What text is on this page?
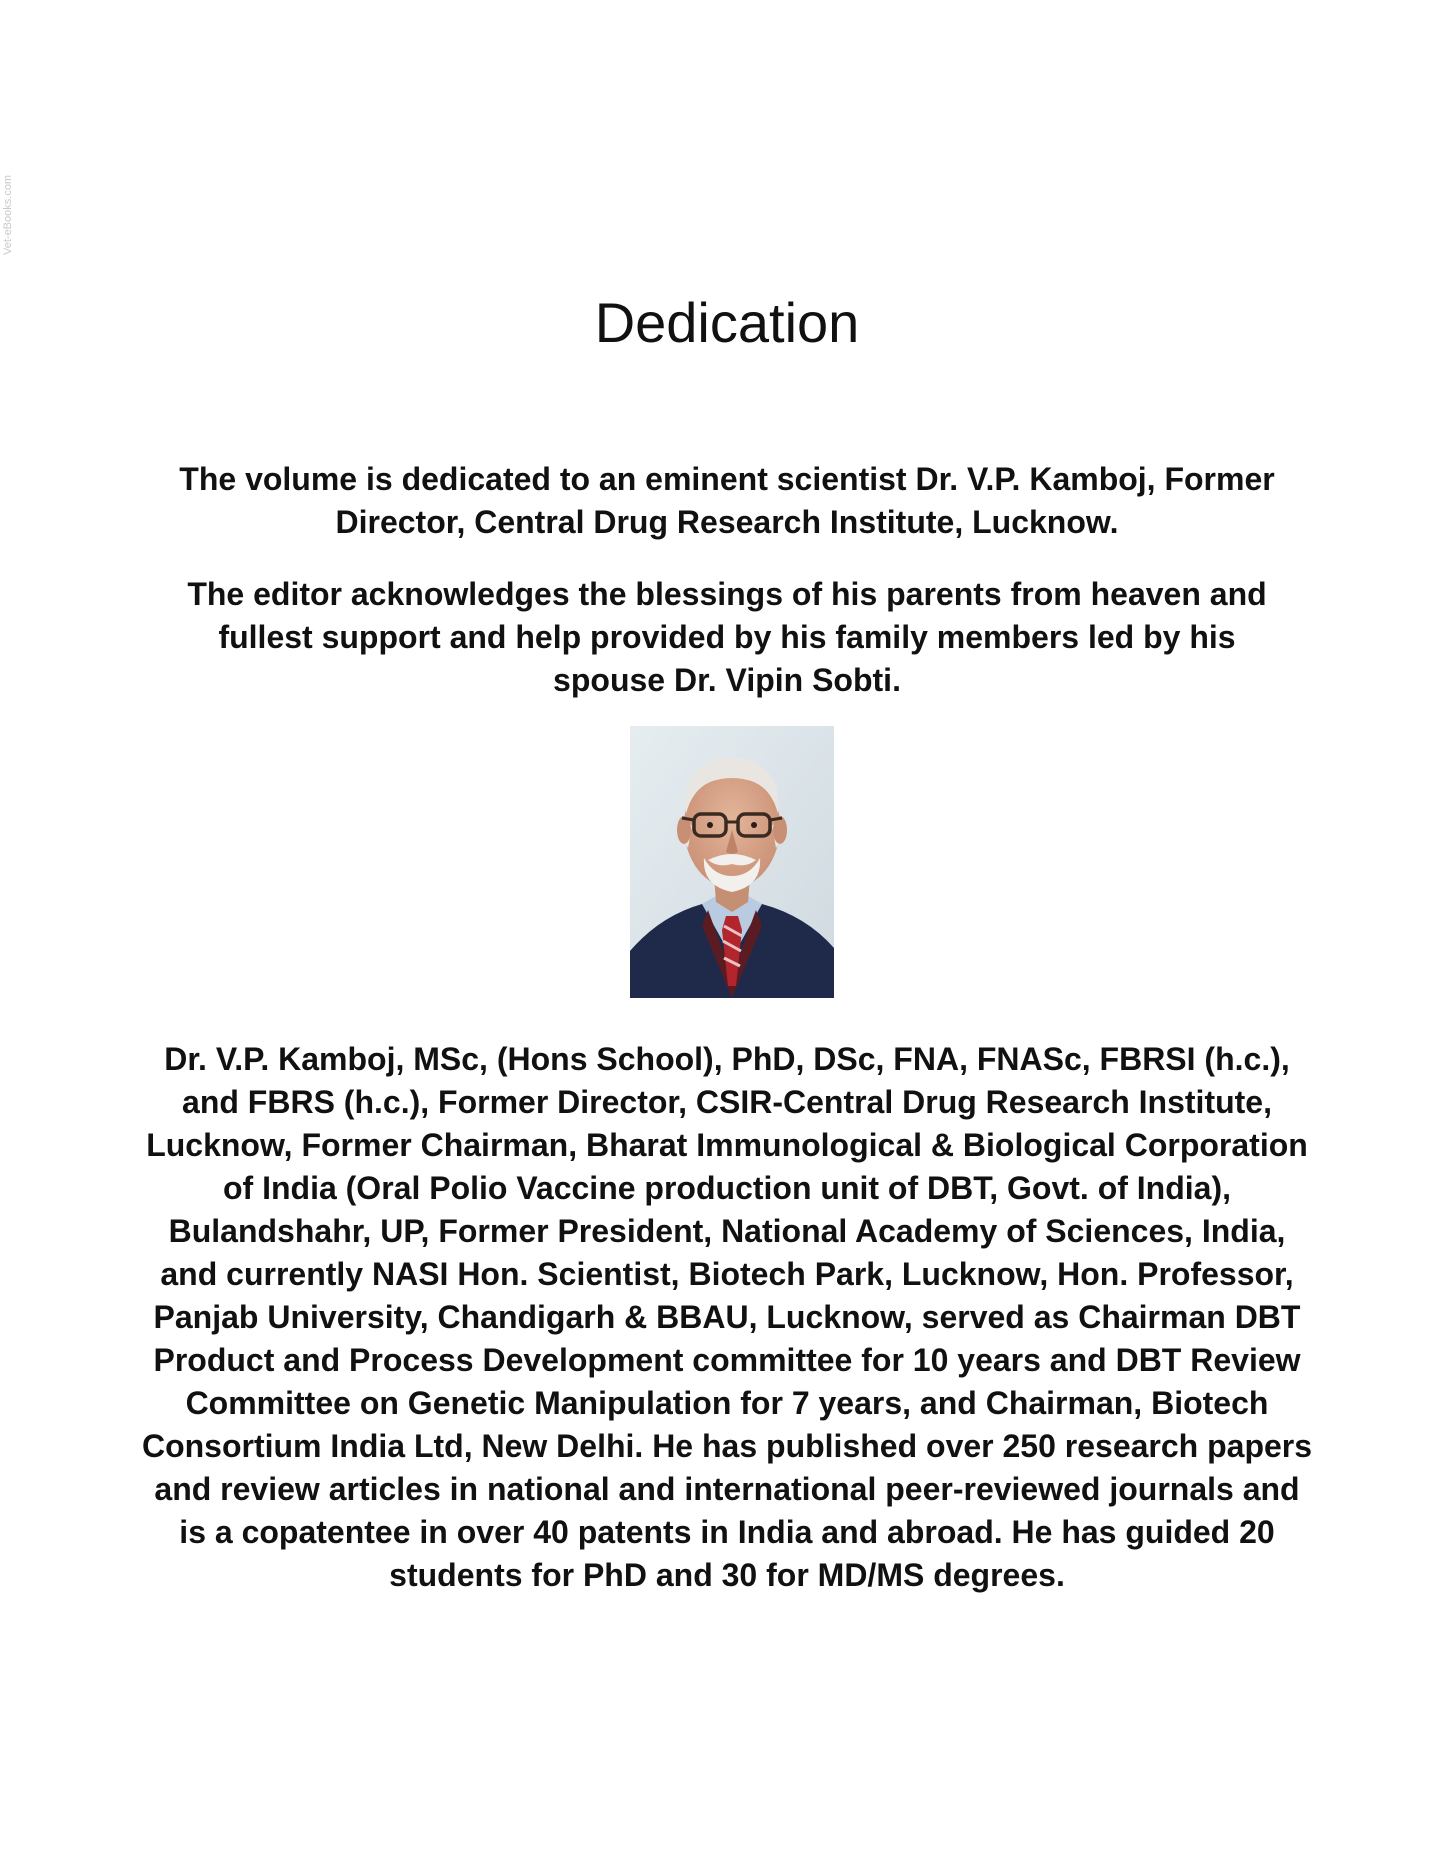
Vet-eBooks.com
Dedication

The volume is dedicated to an eminent scientist Dr. V.P. Kamboj, Former Director, Central Drug Research Institute, Lucknow.

The editor acknowledges the blessings of his parents from heaven and fullest support and help provided by his family members led by his spouse Dr. Vipin Sobti.

Dr. V.P. Kamboj, MSc, (Hons School), PhD, DSc, FNA, FNASc, FBRSI (h.c.), and FBRS (h.c.), Former Director, CSIR-Central Drug Research Institute, Lucknow, Former Chairman, Bharat Immunological & Biological Corporation of India (Oral Polio Vaccine production unit of DBT, Govt. of India), Bulandshahr, UP, Former President, National Academy of Sciences, India, and currently NASI Hon. Scientist, Biotech Park, Lucknow, Hon. Professor, Panjab University, Chandigarh & BBAU, Lucknow, served as Chairman DBT Product and Process Development committee for 10 years and DBT Review Committee on Genetic Manipulation for 7 years, and Chairman, Biotech Consortium India Ltd, New Delhi. He has published over 250 research papers and review articles in national and international peer-reviewed journals and is a copatentee in over 40 patents in India and abroad. He has guided 20 students for PhD and 30 for MD/MS degrees.
